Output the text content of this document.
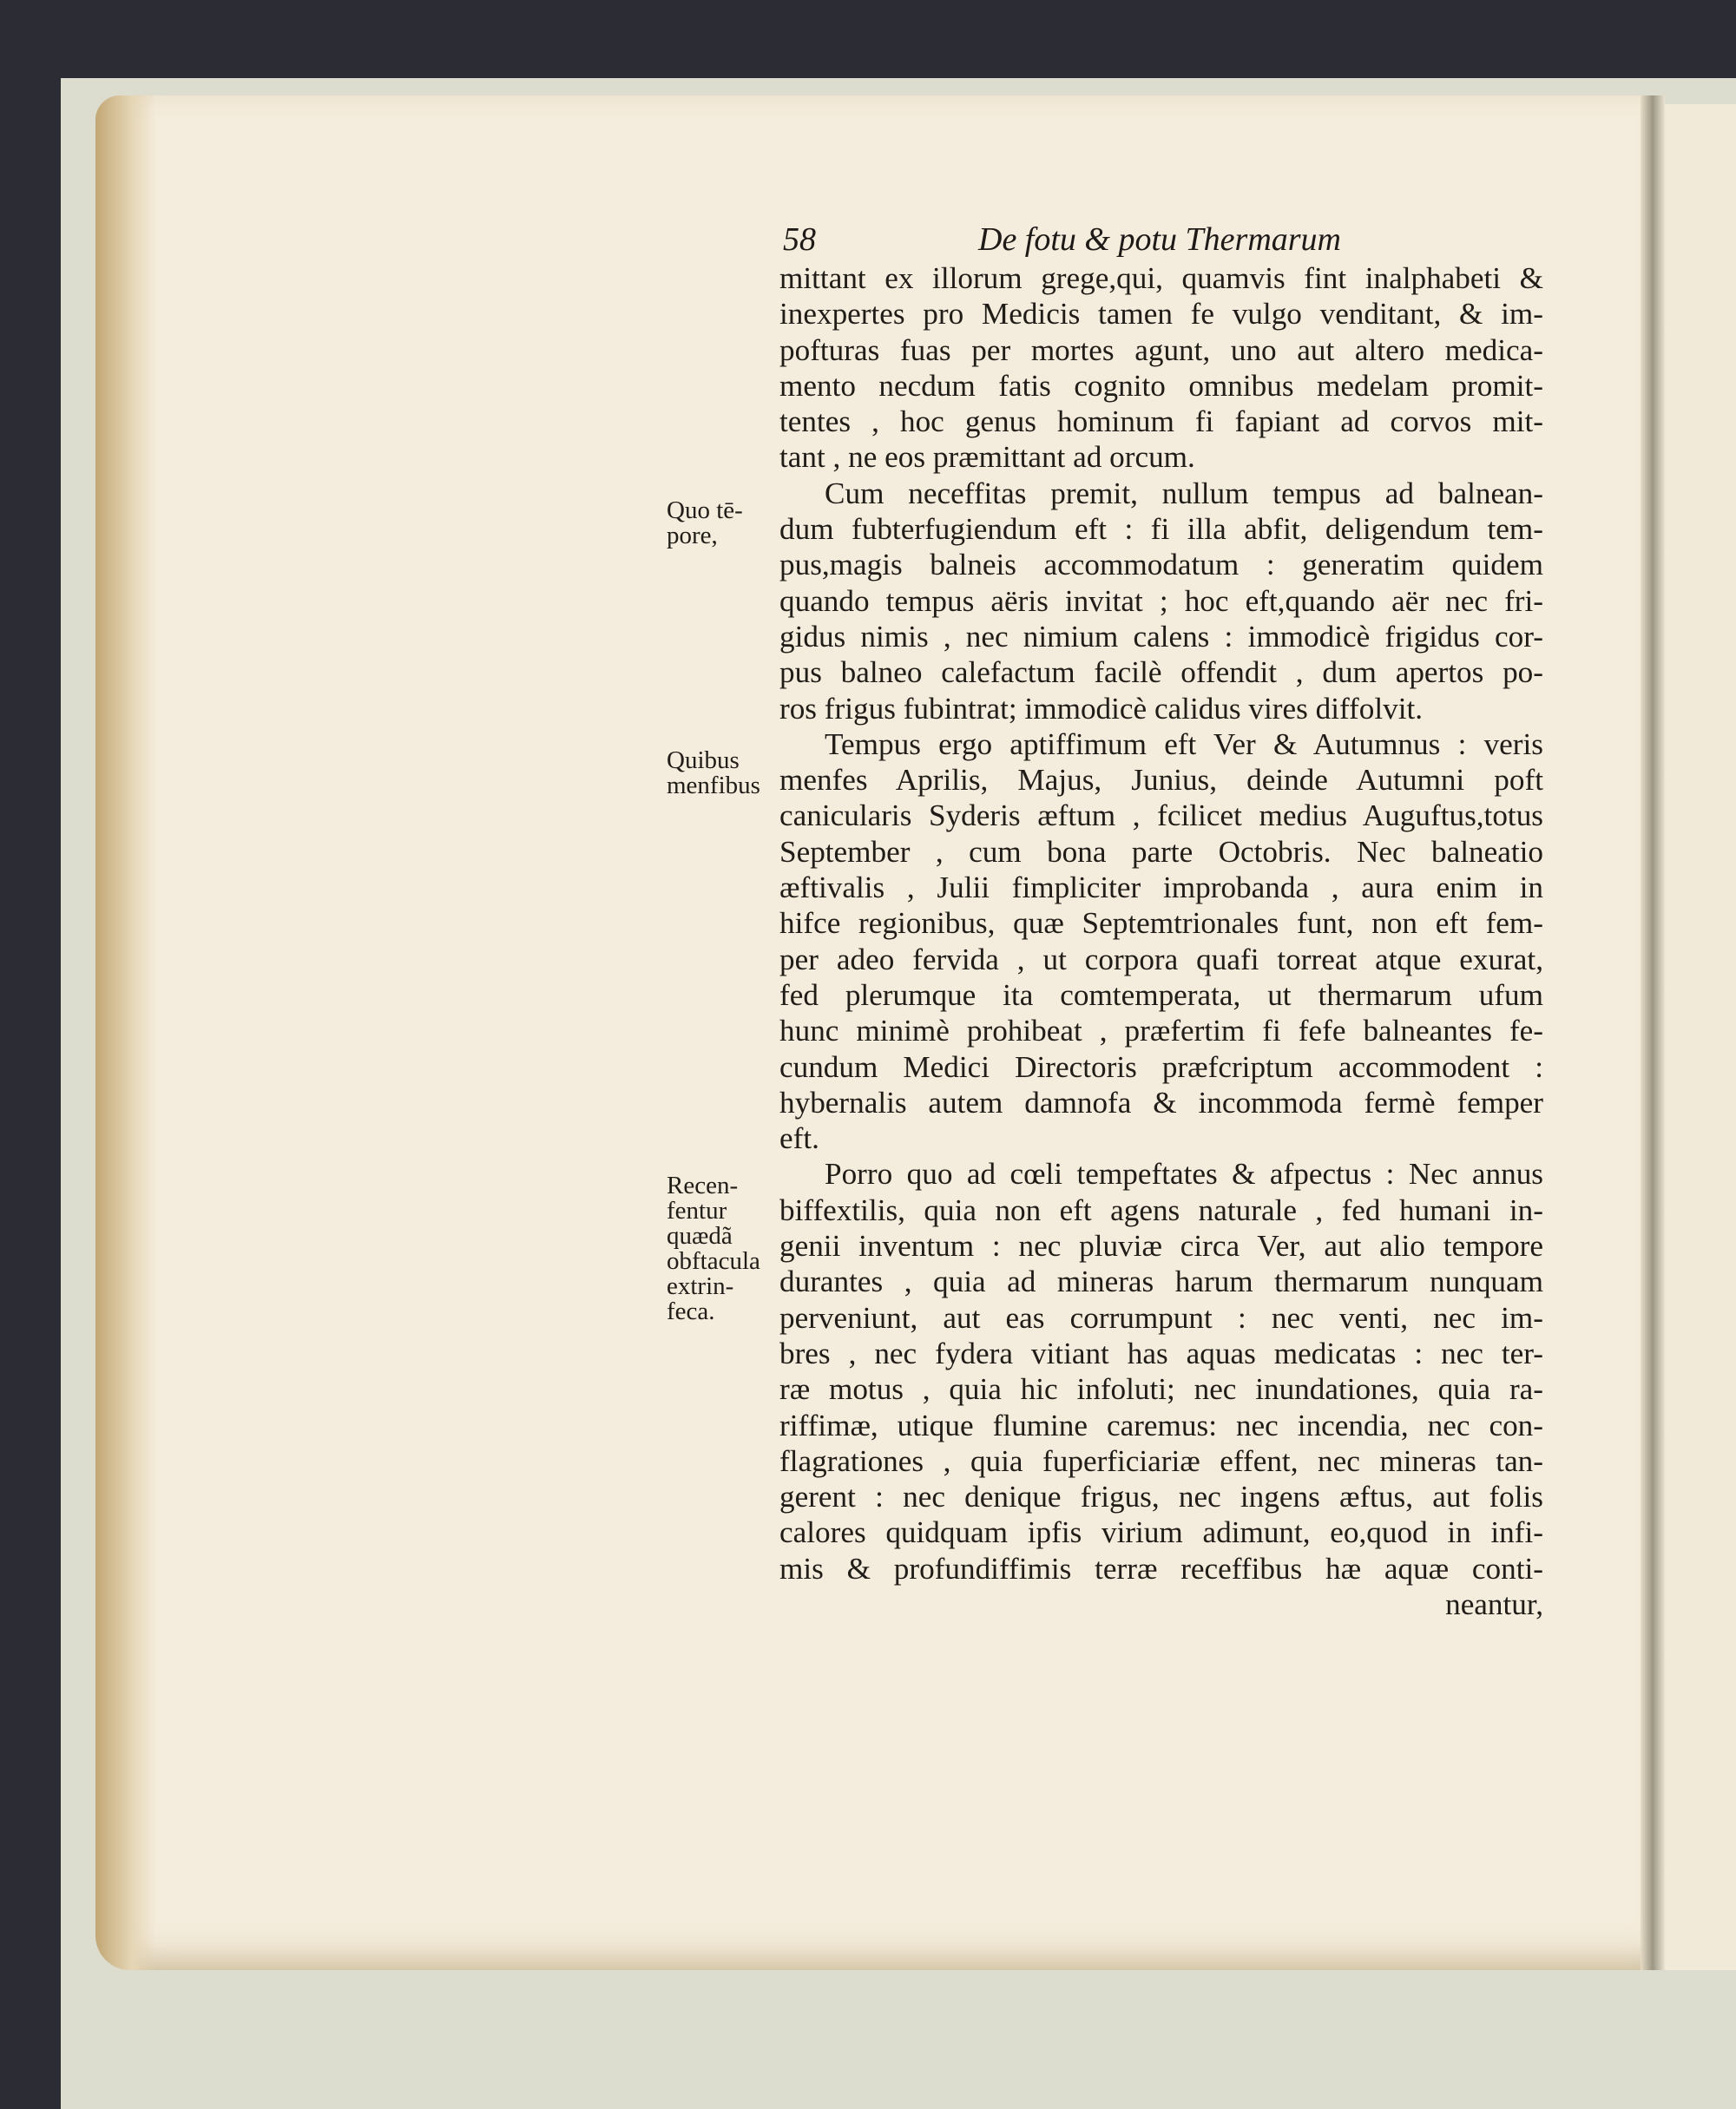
58	De fotu & potu Thermarum
Quo tē-
pore,
Quibus
menfibus
Recen-
fentur
quædã
obftacula
extrin-
feca.
mittant ex illorum grege,qui, quamvis fint inalphabeti &
inexpertes pro Medicis tamen fe vulgo venditant, & im-
pofturas fuas per mortes agunt, uno aut altero medica-
mento necdum fatis cognito omnibus medelam promit-
tentes , hoc genus hominum fi fapiant ad corvos mit-
tant , ne eos præmittant ad orcum.
Cum neceffitas premit, nullum tempus ad balnean-
dum fubterfugiendum eft : fi illa abfit, deligendum tem-
pus,magis balneis accommodatum : generatim quidem
quando tempus aëris invitat ; hoc eft,quando aër nec fri-
gidus nimis , nec nimium calens : immodicè frigidus cor-
pus balneo calefactum facilè offendit , dum apertos po-
ros frigus fubintrat; immodicè calidus vires diffolvit.
Tempus ergo aptiffimum eft Ver & Autumnus : veris
menfes Aprilis, Majus, Junius, deinde Autumni poft
canicularis Syderis æftum , fcilicet medius Auguftus,totus
September , cum bona parte Octobris. Nec balneatio
æftivalis , Julii fimpliciter improbanda , aura enim in
hifce regionibus, quæ Septemtrionales funt, non eft fem-
per adeo fervida , ut corpora quafi torreat atque exurat,
fed plerumque ita comtemperata, ut thermarum ufum
hunc minimè prohibeat , præfertim fi fefe balneantes fe-
cundum Medici Directoris præfcriptum accommodent :
hybernalis autem damnofa & incommoda fermè femper
eft.
Porro quo ad cœli tempeftates & afpectus : Nec annus
biffextilis, quia non eft agens naturale , fed humani in-
genii inventum : nec pluviæ circa Ver, aut alio tempore
durantes , quia ad mineras harum thermarum nunquam
perveniunt, aut eas corrumpunt : nec venti, nec im-
bres , nec fydera vitiant has aquas medicatas : nec ter-
ræ motus , quia hic infoluti; nec inundationes, quia ra-
riffimæ, utique flumine caremus: nec incendia, nec con-
flagrationes , quia fuperficiariæ effent, nec mineras tan-
gerent : nec denique frigus, nec ingens æftus, aut folis
calores quidquam ipfis virium adimunt, eo,quod in infi-
mis & profundiffimis terræ receffibus hæ aquæ conti-
neantur,
